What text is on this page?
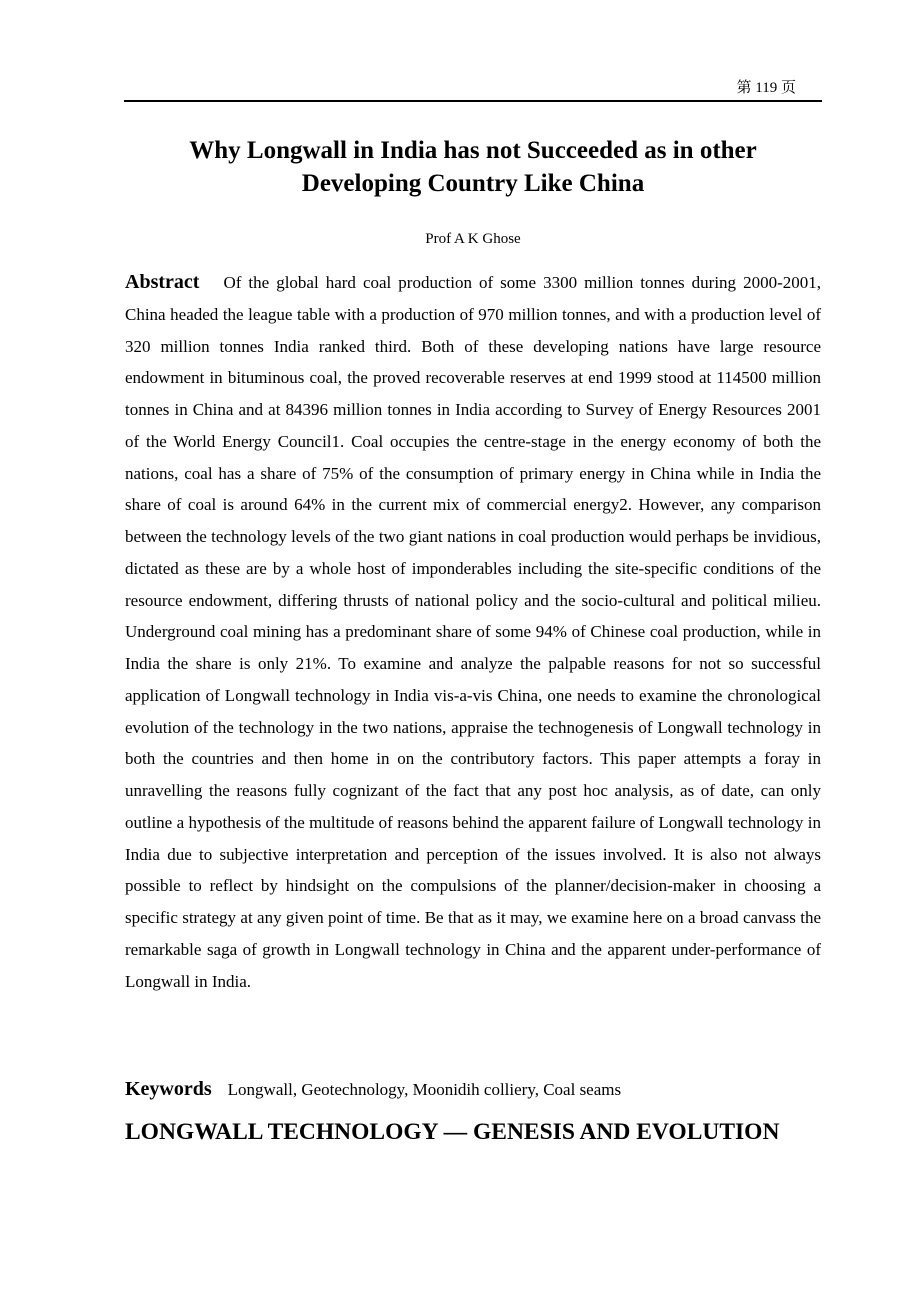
第 119 页
Why Longwall in India has not Succeeded as in other
Developing Country Like China
Prof A K Ghose

Abstract Of the global hard coal production of some 3300 million tonnes during 2000-2001, China headed the league table with a production of 970 million tonnes, and with a production level of 320 million tonnes India ranked third. Both of these developing nations have large resource endowment in bituminous coal, the proved recoverable reserves at end 1999 stood at 114500 million tonnes in China and at 84396 million tonnes in India according to Survey of Energy Resources 2001 of the World Energy Council1. Coal occupies the centre-stage in the energy economy of both the nations, coal has a share of 75% of the consumption of primary energy in China while in India the share of coal is around 64% in the current mix of commercial energy2. However, any comparison between the technology levels of the two giant nations in coal production would perhaps be invidious, dictated as these are by a whole host of imponderables including the site-specific conditions of the resource endowment, differing thrusts of national policy and the socio-cultural and political milieu. Underground coal mining has a predominant share of some 94% of Chinese coal production, while in India the share is only 21%. To examine and analyze the palpable reasons for not so successful application of Longwall technology in India vis-a-vis China, one needs to examine the chronological evolution of the technology in the two nations, appraise the technogenesis of Longwall technology in both the countries and then home in on the contributory factors. This paper attempts a foray in unravelling the reasons fully cognizant of the fact that any post hoc analysis, as of date, can only outline a hypothesis of the multitude of reasons behind the apparent failure of Longwall technology in India due to subjective interpretation and perception of the issues involved. It is also not always possible to reflect by hindsight on the compulsions of the planner/decision-maker in choosing a specific strategy at any given point of time. Be that as it may, we examine here on a broad canvass the remarkable saga of growth in Longwall technology in China and the apparent under-performance of Longwall in India.

Keywords Longwall, Geotechnology, Moonidih colliery, Coal seams

LONGWALL TECHNOLOGY — GENESIS AND EVOLUTION
